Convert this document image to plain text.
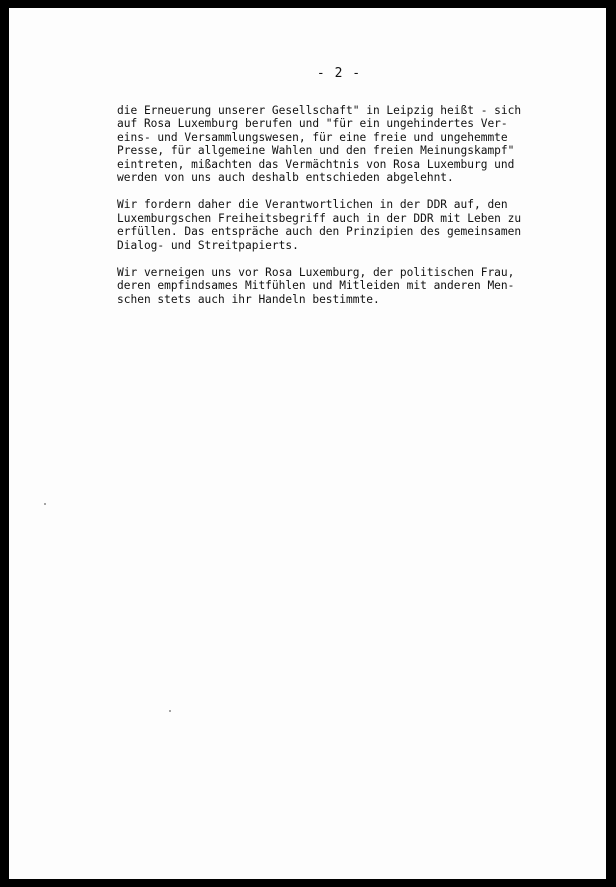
- 2 -

die Erneuerung unserer Gesellschaft" in Leipzig heißt - sich
auf Rosa Luxemburg berufen und "für ein ungehindertes Ver-
eins- und Versammlungswesen, für eine freie und ungehemmte
Presse, für allgemeine Wahlen und den freien Meinungskampf"
eintreten, mißachten das Vermächtnis von Rosa Luxemburg und
werden von uns auch deshalb entschieden abgelehnt.

Wir fordern daher die Verantwortlichen in der DDR auf, den
Luxemburgschen Freiheitsbegriff auch in der DDR mit Leben zu
erfüllen. Das entspräche auch den Prinzipien des gemeinsamen
Dialog- und Streitpapierts.

Wir verneigen uns vor Rosa Luxemburg, der politischen Frau,
deren empfindsames Mitfühlen und Mitleiden mit anderen Men-
schen stets auch ihr Handeln bestimmte.
